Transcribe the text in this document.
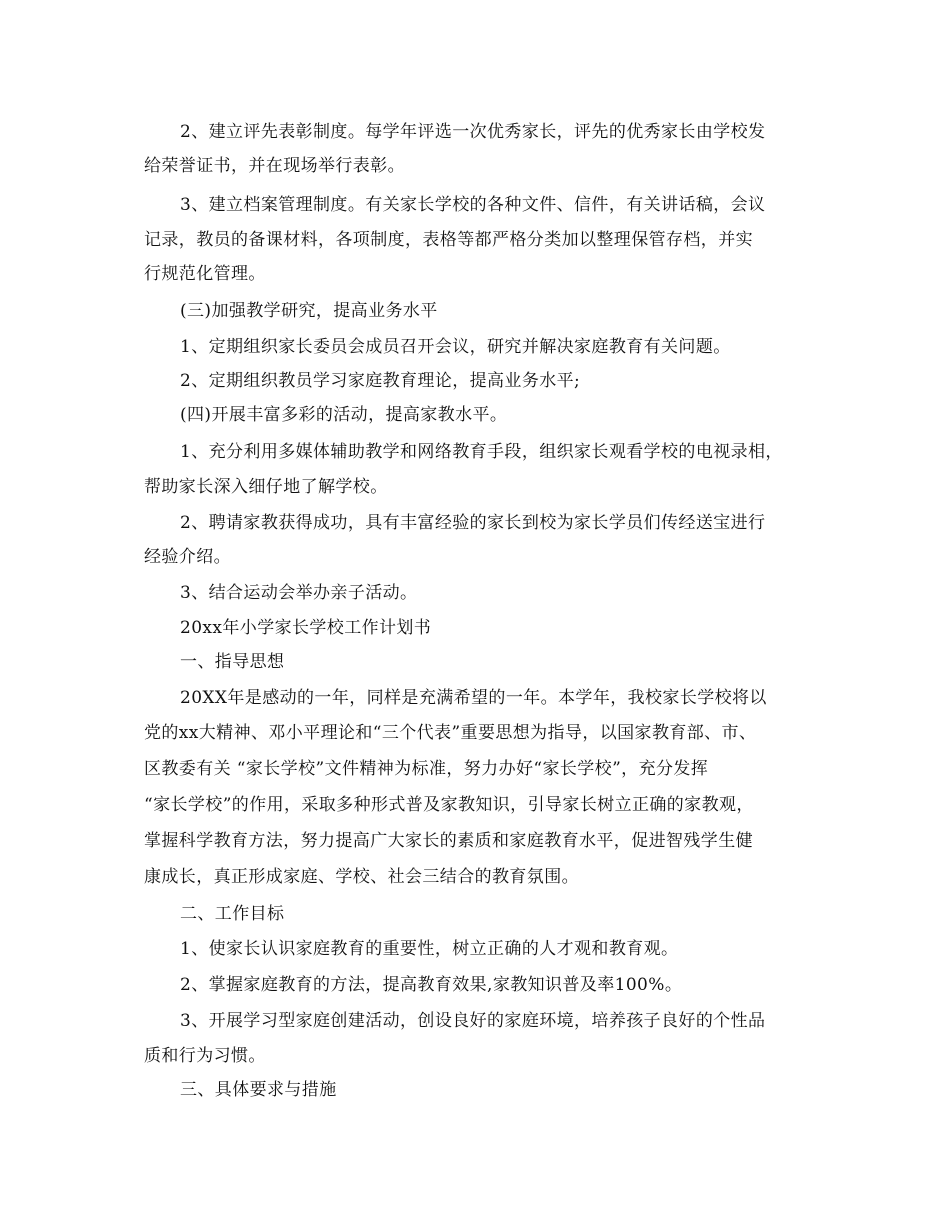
2、建立评先表彰制度。每学年评选一次优秀家长，评先的优秀家长由学校发
给荣誉证书，并在现场举行表彰。
3、建立档案管理制度。有关家长学校的各种文件、信件，有关讲话稿，会议
记录，教员的备课材料，各项制度，表格等都严格分类加以整理保管存档，并实
行规范化管理。
(三)加强教学研究，提高业务水平
1、定期组织家长委员会成员召开会议，研究并解决家庭教育有关问题。
2、定期组织教员学习家庭教育理论，提高业务水平;
(四)开展丰富多彩的活动，提高家教水平。
1、充分利用多媒体辅助教学和网络教育手段，组织家长观看学校的电视录相，
帮助家长深入细仔地了解学校。
2、聘请家教获得成功，具有丰富经验的家长到校为家长学员们传经送宝进行
经验介绍。
3、结合运动会举办亲子活动。
20xx年小学家长学校工作计划书
一、指导思想
20XX年是感动的一年，同样是充满希望的一年。本学年，我校家长学校将以
党的xx大精神、邓小平理论和“三个代表”重要思想为指导，以国家教育部、市、
区教委有关 “家长学校”文件精神为标准，努力办好“家长学校”，充分发挥
“家长学校”的作用，采取多种形式普及家教知识，引导家长树立正确的家教观，
掌握科学教育方法，努力提高广大家长的素质和家庭教育水平，促进智残学生健
康成长，真正形成家庭、学校、社会三结合的教育氛围。
二、工作目标
1、使家长认识家庭教育的重要性，树立正确的人才观和教育观。
2、掌握家庭教育的方法，提高教育效果,家教知识普及率100%。
3、开展学习型家庭创建活动，创设良好的家庭环境，培养孩子良好的个性品
质和行为习惯。
三、具体要求与措施
